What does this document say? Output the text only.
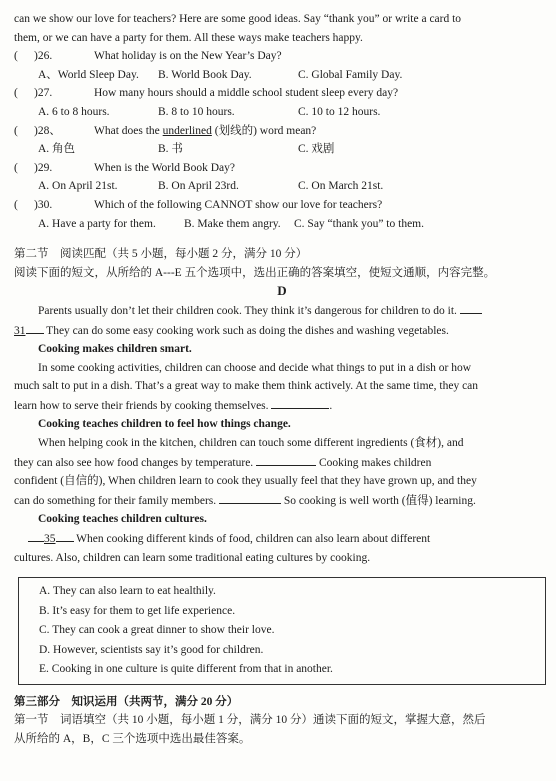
can we show our love for teachers? Here are some good ideas. Say “thank you” or write a card to
them, or we can have a party for them. All these ways make teachers happy.
(	)26.	What holiday is on the New Year’s Day?
A、World Sleep Day.	B. World Book Day.	C. Global Family Day.
(	)27.	How many hours should a middle school student sleep every day?
A. 6 to 8 hours.	B. 8 to 10 hours.	C. 10 to 12 hours.
(	)28、	What does the underlined (划线的) word mean?
A. 角色	B. 书	C. 戏剧
(	)29.	When is the World Book Day?
A. On April 21st.	B. On April 23rd.	C. On March 21st.
(	)30.	Which of the following CANNOT show our love for teachers?
A. Have a party for them.	B. Make them angry.	C. Say “thank you” to them.
第二节　阅读匹配（共 5 小题，每小题 2 分，满分 10 分）
阅读下面的短文，从所给的 A---E 五个选项中，选出正确的答案填空，使短文通顺，内容完整。
D
Parents usually don’t let their children cook. They think it’s dangerous for children to do it.
31 They can do some easy cooking work such as doing the dishes and washing vegetables.
Cooking makes children smart.
In some cooking activities, children can choose and decide what things to put in a dish or how
much salt to put in a dish. That’s a great way to make them think actively. At the same time, they can
learn how to serve their friends by cooking themselves.	.
Cooking teaches children to feel how things change.
When helping cook in the kitchen, children can touch some different ingredients (食材), and
they can also see how food changes by temperature.	Cooking makes children
confident (自信的), When children learn to cook they usually feel that they have grown up, and they
can do something for their family members.	So cooking is well worth (值得) learning.
Cooking teaches children cultures.
35 When cooking different kinds of food, children can also learn about different
cultures. Also, children can learn some traditional eating cultures by cooking.
A. They can also learn to eat healthily.
B. It’s easy for them to get life experience.
C. They can cook a great dinner to show their love.
D. However, scientists say it’s good for children.
E. Cooking in one culture is quite different from that in another.
第三部分　知识运用（共两节，满分 20 分）
第一节　词语填空（共 10 小题，每小题 1 分，满分 10 分）通读下面的短文，掌握大意，然后
从所给的 A，B，C 三个选项中选出最佳答案。
